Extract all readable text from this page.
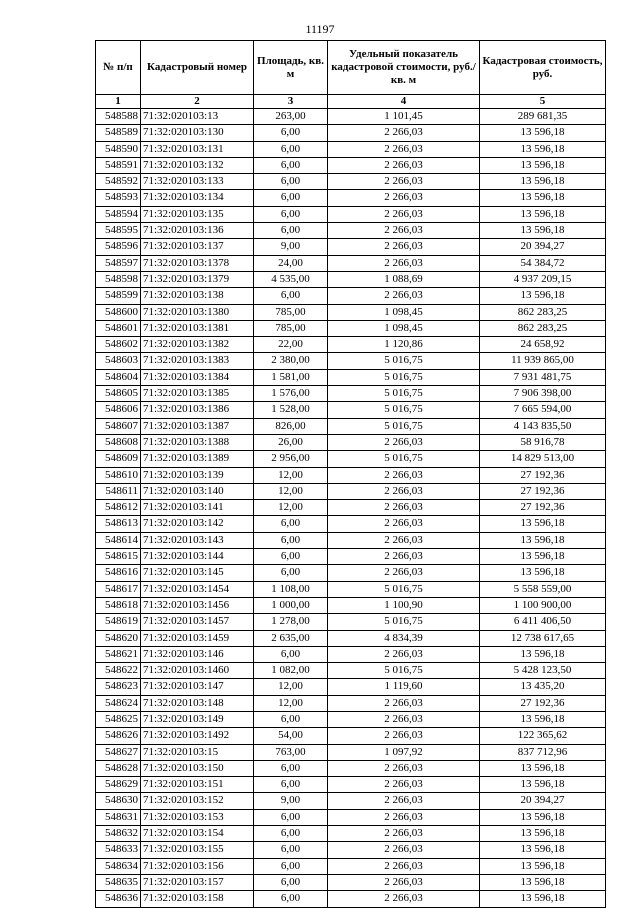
11197
№ п/п	Кадастровый номер	Площадь, кв. м	Удельный показатель кадастровой стоимости, руб./кв. м	Кадастровая стоимость, руб.
1	2	3	4	5
548588	71:32:020103:13	263,00	1 101,45	289 681,35
548589	71:32:020103:130	6,00	2 266,03	13 596,18
548590	71:32:020103:131	6,00	2 266,03	13 596,18
548591	71:32:020103:132	6,00	2 266,03	13 596,18
548592	71:32:020103:133	6,00	2 266,03	13 596,18
548593	71:32:020103:134	6,00	2 266,03	13 596,18
548594	71:32:020103:135	6,00	2 266,03	13 596,18
548595	71:32:020103:136	6,00	2 266,03	13 596,18
548596	71:32:020103:137	9,00	2 266,03	20 394,27
548597	71:32:020103:1378	24,00	2 266,03	54 384,72
548598	71:32:020103:1379	4 535,00	1 088,69	4 937 209,15
548599	71:32:020103:138	6,00	2 266,03	13 596,18
548600	71:32:020103:1380	785,00	1 098,45	862 283,25
548601	71:32:020103:1381	785,00	1 098,45	862 283,25
548602	71:32:020103:1382	22,00	1 120,86	24 658,92
548603	71:32:020103:1383	2 380,00	5 016,75	11 939 865,00
548604	71:32:020103:1384	1 581,00	5 016,75	7 931 481,75
548605	71:32:020103:1385	1 576,00	5 016,75	7 906 398,00
548606	71:32:020103:1386	1 528,00	5 016,75	7 665 594,00
548607	71:32:020103:1387	826,00	5 016,75	4 143 835,50
548608	71:32:020103:1388	26,00	2 266,03	58 916,78
548609	71:32:020103:1389	2 956,00	5 016,75	14 829 513,00
548610	71:32:020103:139	12,00	2 266,03	27 192,36
548611	71:32:020103:140	12,00	2 266,03	27 192,36
548612	71:32:020103:141	12,00	2 266,03	27 192,36
548613	71:32:020103:142	6,00	2 266,03	13 596,18
548614	71:32:020103:143	6,00	2 266,03	13 596,18
548615	71:32:020103:144	6,00	2 266,03	13 596,18
548616	71:32:020103:145	6,00	2 266,03	13 596,18
548617	71:32:020103:1454	1 108,00	5 016,75	5 558 559,00
548618	71:32:020103:1456	1 000,00	1 100,90	1 100 900,00
548619	71:32:020103:1457	1 278,00	5 016,75	6 411 406,50
548620	71:32:020103:1459	2 635,00	4 834,39	12 738 617,65
548621	71:32:020103:146	6,00	2 266,03	13 596,18
548622	71:32:020103:1460	1 082,00	5 016,75	5 428 123,50
548623	71:32:020103:147	12,00	1 119,60	13 435,20
548624	71:32:020103:148	12,00	2 266,03	27 192,36
548625	71:32:020103:149	6,00	2 266,03	13 596,18
548626	71:32:020103:1492	54,00	2 266,03	122 365,62
548627	71:32:020103:15	763,00	1 097,92	837 712,96
548628	71:32:020103:150	6,00	2 266,03	13 596,18
548629	71:32:020103:151	6,00	2 266,03	13 596,18
548630	71:32:020103:152	9,00	2 266,03	20 394,27
548631	71:32:020103:153	6,00	2 266,03	13 596,18
548632	71:32:020103:154	6,00	2 266,03	13 596,18
548633	71:32:020103:155	6,00	2 266,03	13 596,18
548634	71:32:020103:156	6,00	2 266,03	13 596,18
548635	71:32:020103:157	6,00	2 266,03	13 596,18
548636	71:32:020103:158	6,00	2 266,03	13 596,18
